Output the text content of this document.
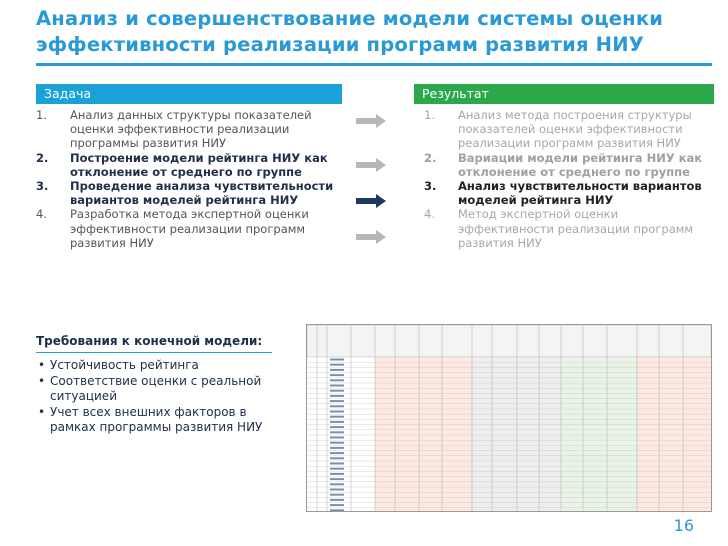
Анализ и совершенствование модели системы оценки эффективности реализации программ развития НИУ
Задача	Результат
1. Анализ данных структуры показателей оценки эффективности реализации программы развития НИУ
2. Построение модели рейтинга НИУ как отклонение от среднего по группе
3. Проведение анализа чувствительности вариантов моделей рейтинга НИУ
4. Разработка метода экспертной оценки эффективности реализации программ развития НИУ
1. Анализ метода построения структуры показателей оценки эффективности реализации программ развития НИУ
2. Вариации модели рейтинга НИУ как отклонение от среднего по группе
3. Анализ чувствительности вариантов моделей рейтинга НИУ
4. Метод экспертной оценки эффективности реализации программ развития НИУ
Требования к конечной модели:
• Устойчивость рейтинга
• Соответствие оценки с реальной ситуацией
• Учет всех внешних факторов в рамках программы развития НИУ
16
